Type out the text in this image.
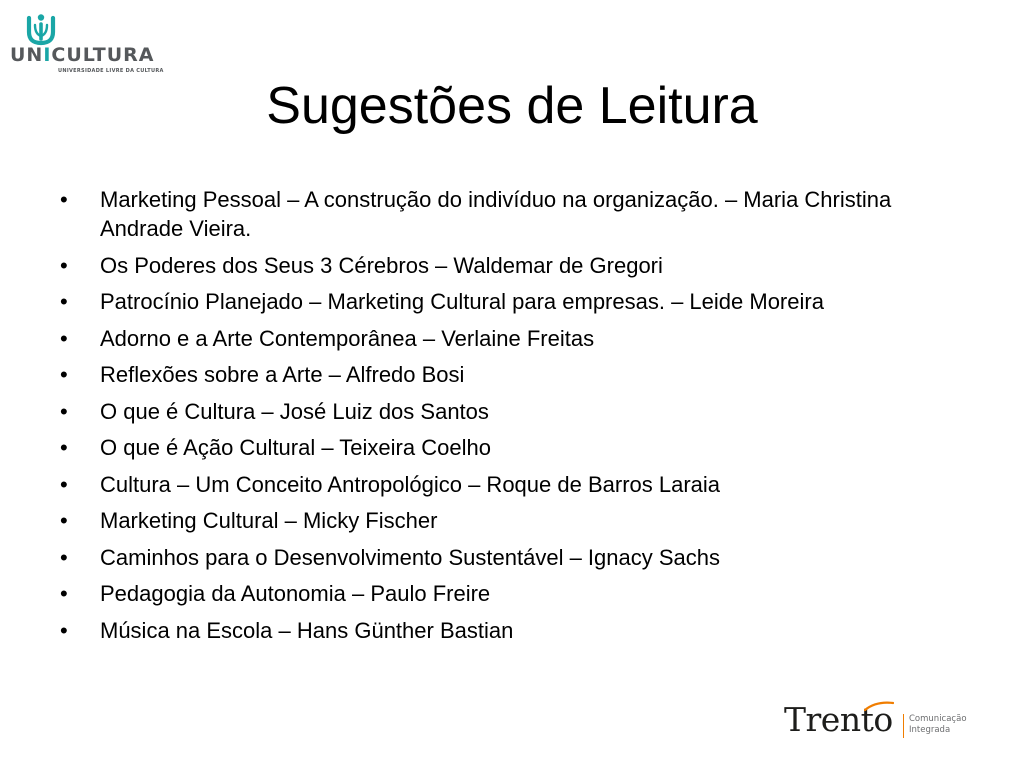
UNICULTURA
UNIVERSIDADE LIVRE DA CULTURA
Sugestões de Leitura
•	Marketing Pessoal – A construção do indivíduo na organização. – Maria Christina Andrade Vieira.
•	Os Poderes dos Seus 3 Cérebros – Waldemar de Gregori
•	Patrocínio Planejado – Marketing Cultural para empresas. – Leide Moreira
•	Adorno e a Arte Contemporânea – Verlaine Freitas
•	Reflexões sobre a Arte – Alfredo Bosi
•	O que é Cultura – José Luiz dos Santos
•	O que é Ação Cultural – Teixeira Coelho
•	Cultura – Um Conceito Antropológico – Roque de Barros Laraia
•	Marketing Cultural – Micky Fischer
•	Caminhos para o Desenvolvimento Sustentável – Ignacy Sachs
•	Pedagogia da Autonomia – Paulo Freire
•	Música na Escola – Hans Günther Bastian
Trento Comunicação
Integrada
